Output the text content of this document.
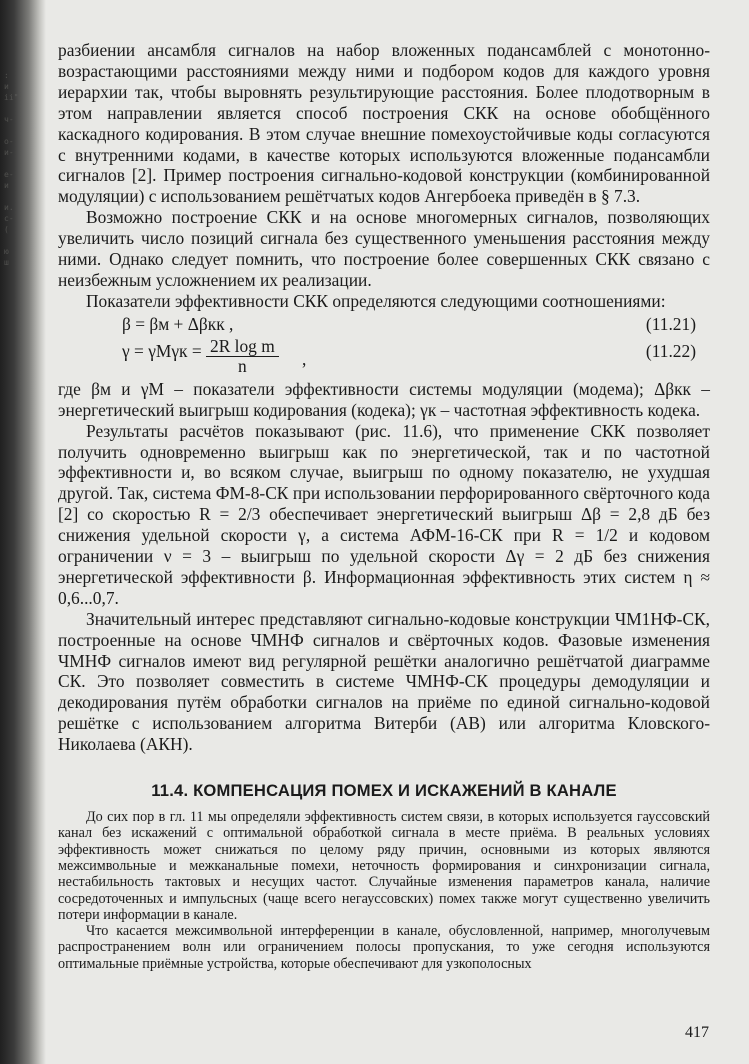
:
и
ii"

ч-

о-
и-

е-
и

и.
с-
(

ю
ш

разбиении ансамбля сигналов на набор вложенных подансамблей с монотонно-возрастающими расстояниями между ними и подбором кодов для каждого уровня иерархии так, чтобы выровнять результирующие расстояния. Более плодотворным в этом направлении является способ построения СКК на основе обобщённого каскадного кодирования. В этом случае внешние помехоустойчивые коды согласуются с внутренними кодами, в качестве которых используются вложенные подансамбли сигналов [2]. Пример построения сигнально-кодовой конструкции (комбинированной модуляции) с использованием решётчатых кодов Ангербоека приведён в § 7.3.

Возможно построение СКК и на основе многомерных сигналов, позволяющих увеличить число позиций сигнала без существенного уменьшения расстояния между ними. Однако следует помнить, что построение более совершенных СКК связано с неизбежным усложнением их реализации.

Показатели эффективности СКК определяются следующими соотношениями:

β = βм + Δβкк ,	(11.21)
$\gamma = \gamma М\gamma к = \frac{\text{2R log m}}{n}$ ,	(11.22)

где βм и γМ – показатели эффективности системы модуляции (модема); Δβкк – энергетический выигрыш кодирования (кодека); γк – частотная эффективность кодека.

Результаты расчётов показывают (рис. 11.6), что применение СКК позволяет получить одновременно выигрыш как по энергетической, так и по частотной эффективности и, во всяком случае, выигрыш по одному показателю, не ухудшая другой. Так, система ФМ-8-СК при использовании перфорированного свёрточного кода [2] со скоростью R = 2/3 обеспечивает энергетический выигрыш Δβ = 2,8 дБ без снижения удельной скорости γ, а система АФМ-16-СК при R = 1/2 и кодовом ограничении ν = 3 – выигрыш по удельной скорости Δγ = 2 дБ без снижения энергетической эффективности β. Информационная эффективность этих систем η ≈ 0,6...0,7.

Значительный интерес представляют сигнально-кодовые конструкции ЧМ1НФ-СК, построенные на основе ЧМНФ сигналов и свёрточных кодов. Фазовые изменения ЧМНФ сигналов имеют вид регулярной решётки аналогично решётчатой диаграмме СК. Это позволяет совместить в системе ЧМНФ-СК процедуры демодуляции и декодирования путём обработки сигналов на приёме по единой сигнально-кодовой решётке с использованием алгоритма Витерби (АВ) или алгоритма Кловского-Николаева (АКН).

11.4. КОМПЕНСАЦИЯ ПОМЕХ И ИСКАЖЕНИЙ В КАНАЛЕ

До сих пор в гл. 11 мы определяли эффективность систем связи, в которых используется гауссовский канал без искажений с оптимальной обработкой сигнала в месте приёма. В реальных условиях эффективность может снижаться по целому ряду причин, основными из которых являются межсимвольные и межканальные помехи, неточность формирования и синхронизации сигнала, нестабильность тактовых и несущих частот. Случайные изменения параметров канала, наличие сосредоточенных и импульсных (чаще всего негауссовских) помех также могут существенно увеличить потери информации в канале.

Что касается межсимвольной интерференции в канале, обусловленной, например, многолучевым распространением волн или ограничением полосы пропускания, то уже сегодня используются оптимальные приёмные устройства, которые обеспечивают для узкополосных

417
